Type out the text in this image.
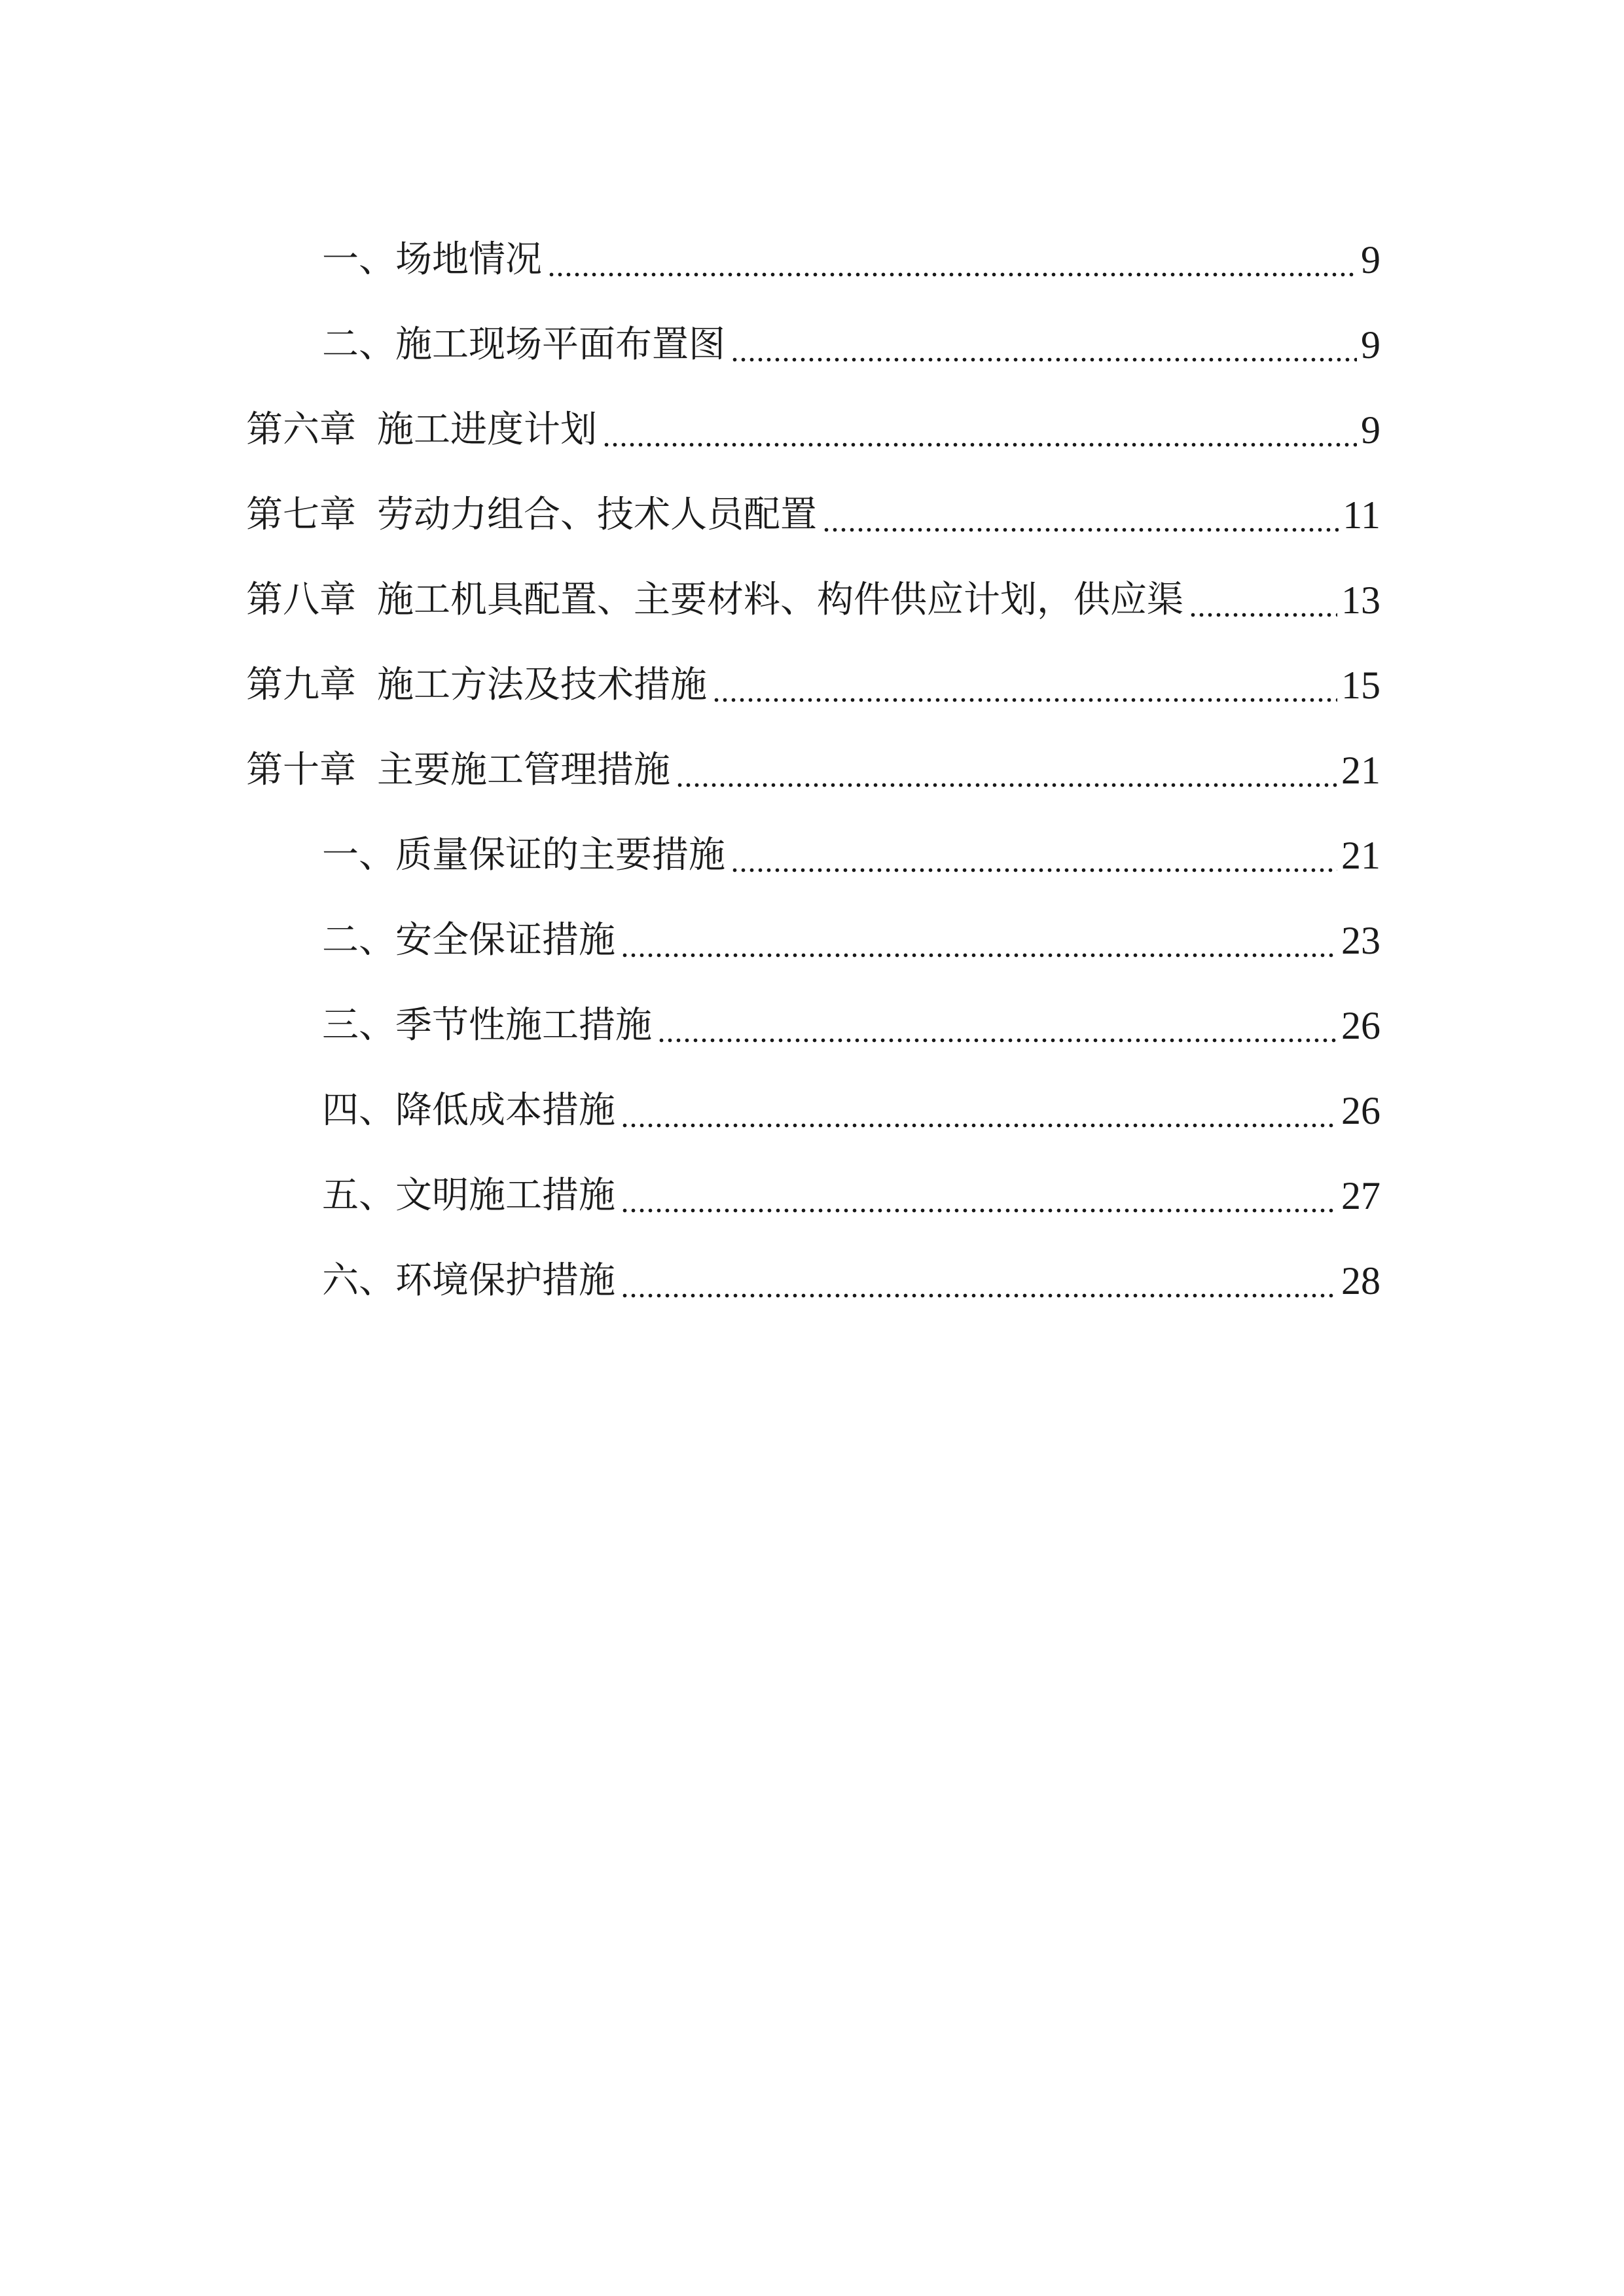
一、场地情况	9
二、施工现场平面布置图	9
第六章 施工进度计划	9
第七章 劳动力组合、技术人员配置	11
第八章 施工机具配置、主要材料、构件供应计划，供应渠	13
第九章 施工方法及技术措施	15
第十章 主要施工管理措施	21
一、质量保证的主要措施	21
二、安全保证措施	23
三、季节性施工措施	26
四、降低成本措施	26
五、文明施工措施	27
六、环境保护措施	28
